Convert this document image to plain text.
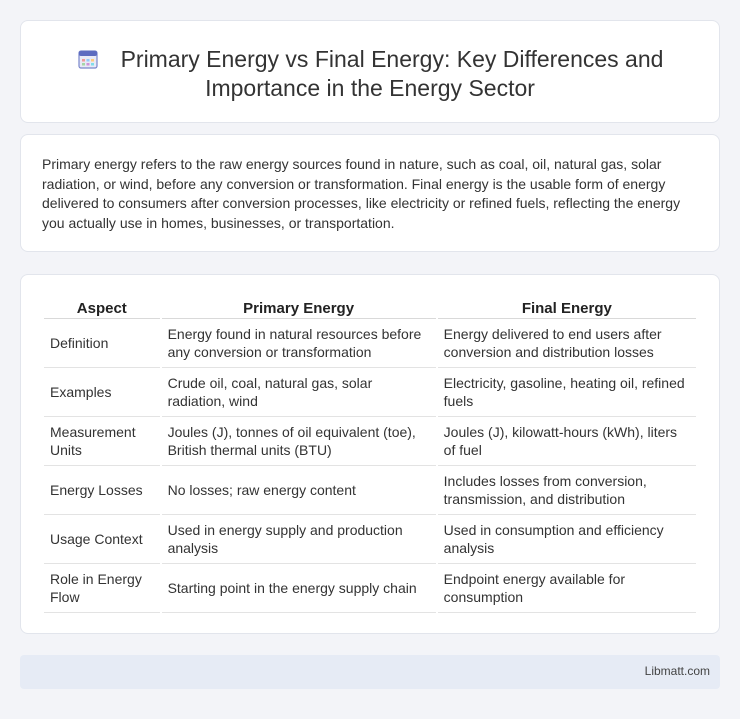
Primary Energy vs Final Energy: Key Differences and Importance in the Energy Sector

Primary energy refers to the raw energy sources found in nature, such as coal, oil, natural gas, solar radiation, or wind, before any conversion or transformation. Final energy is the usable form of energy delivered to consumers after conversion processes, like electricity or refined fuels, reflecting the energy you actually use in homes, businesses, or transportation.

Aspect	Primary Energy	Final Energy
Definition	Energy found in natural resources before any conversion or transformation	Energy delivered to end users after conversion and distribution losses
Examples	Crude oil, coal, natural gas, solar radiation, wind	Electricity, gasoline, heating oil, refined fuels
Measurement Units	Joules (J), tonnes of oil equivalent (toe), British thermal units (BTU)	Joules (J), kilowatt-hours (kWh), liters of fuel
Energy Losses	No losses; raw energy content	Includes losses from conversion, transmission, and distribution
Usage Context	Used in energy supply and production analysis	Used in consumption and efficiency analysis
Role in Energy Flow	Starting point in the energy supply chain	Endpoint energy available for consumption
Libmatt.com
